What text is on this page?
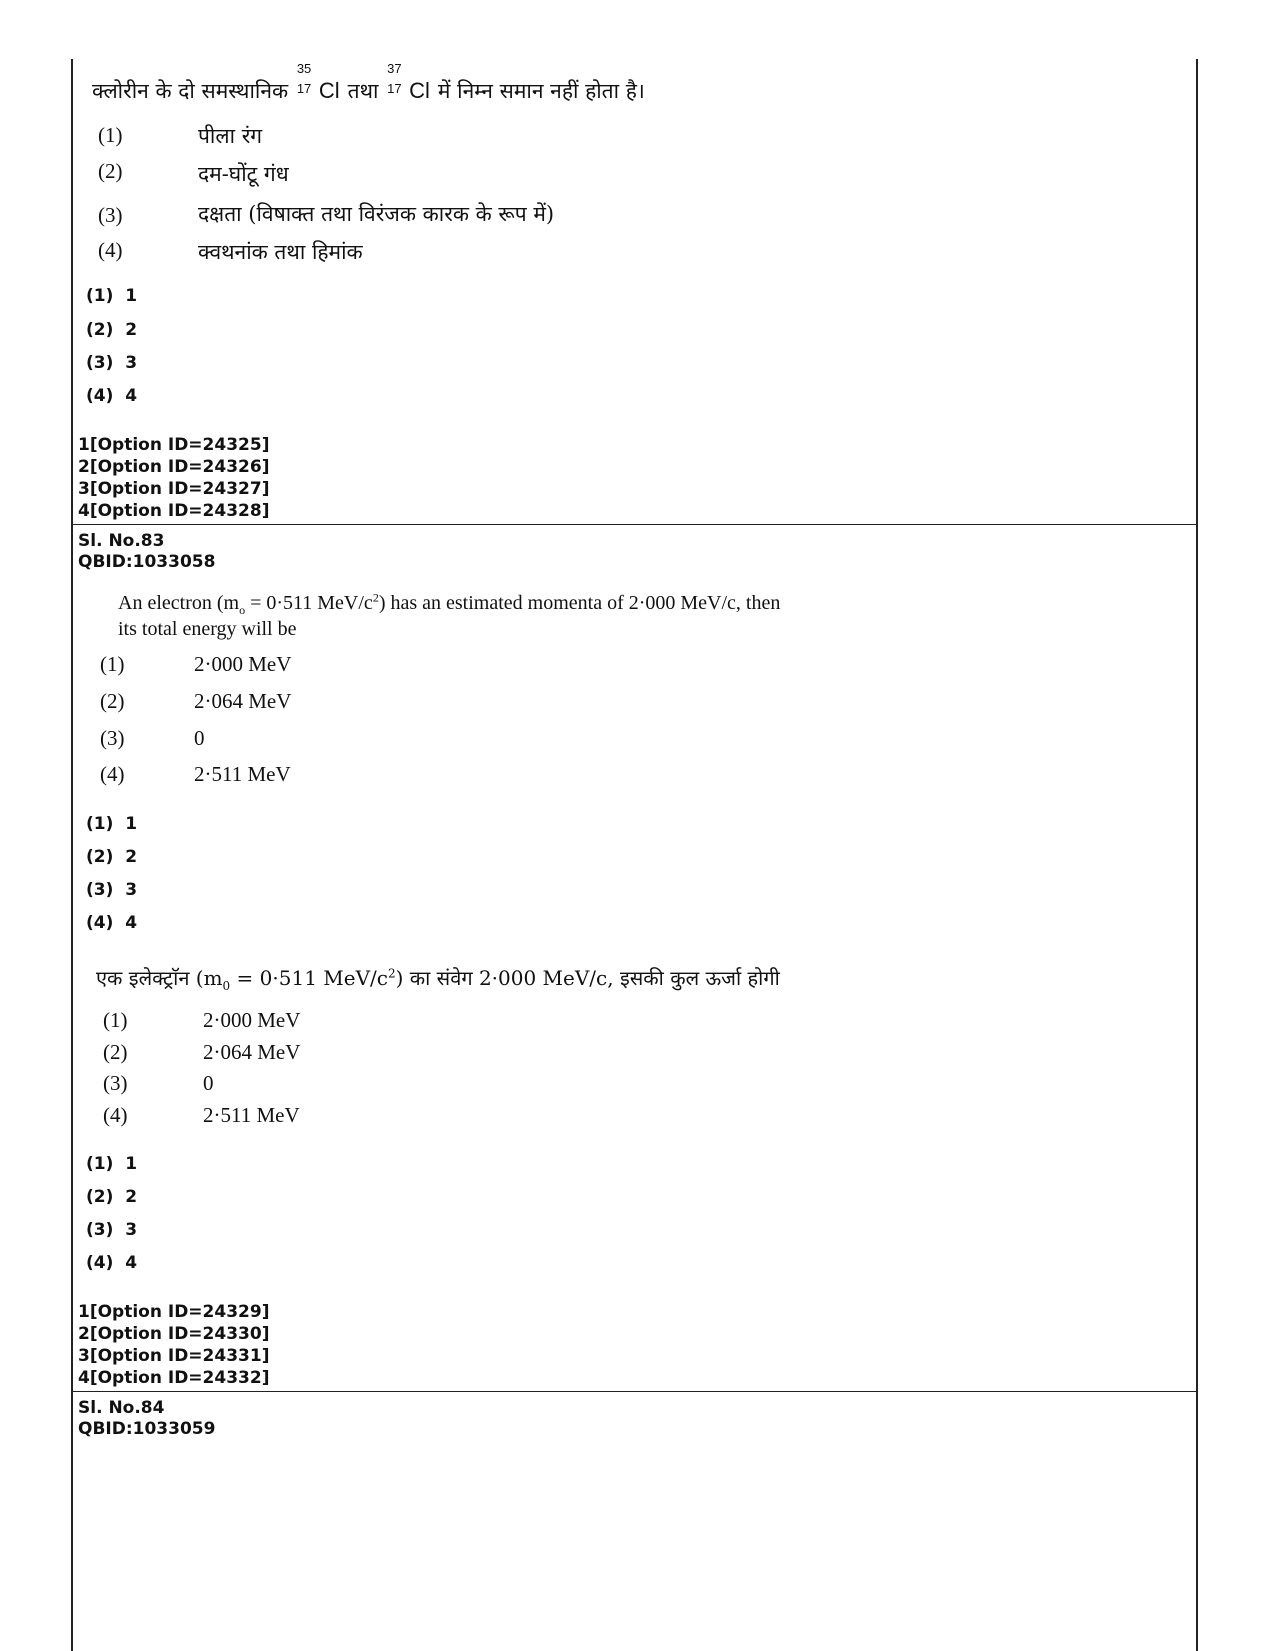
क्लोरीन के दो समस्थानिक
35
17 Cl तथा
37
17 Cl में निम्न समान नहीं होता है।
(1)	पीला रंग
(2)	दम-घोंटू गंध
(3)	दक्षता (विषाक्त तथा विरंजक कारक के रूप में)
(4)	क्वथनांक तथा हिमांक
(1)  1
(2)  2
(3)  3
(4)  4
1[Option ID=24325]
2[Option ID=24326]
3[Option ID=24327]
4[Option ID=24328]
Sl. No.83
QBID:1033058
An electron ($m_o = 0\cdot 511$ MeV/$c^2$) has an estimated momenta of 2·000 MeV/c, then
its total energy will be
(1)	2·000 MeV
(2)	2·064 MeV
(3)	0
(4)	2·511 MeV
(1)  1
(2)  2
(3)  3
(4)  4
एक इलेक्ट्राॅन ($m_0 = 0\cdot 511$ MeV/$c^2$) का संवेग 2·000 MeV/c, इसकी कुल ऊर्जा होगी
(1)	2·000 MeV
(2)	2·064 MeV
(3)	0
(4)	2·511 MeV
(1)  1
(2)  2
(3)  3
(4)  4
1[Option ID=24329]
2[Option ID=24330]
3[Option ID=24331]
4[Option ID=24332]
Sl. No.84
QBID:1033059
